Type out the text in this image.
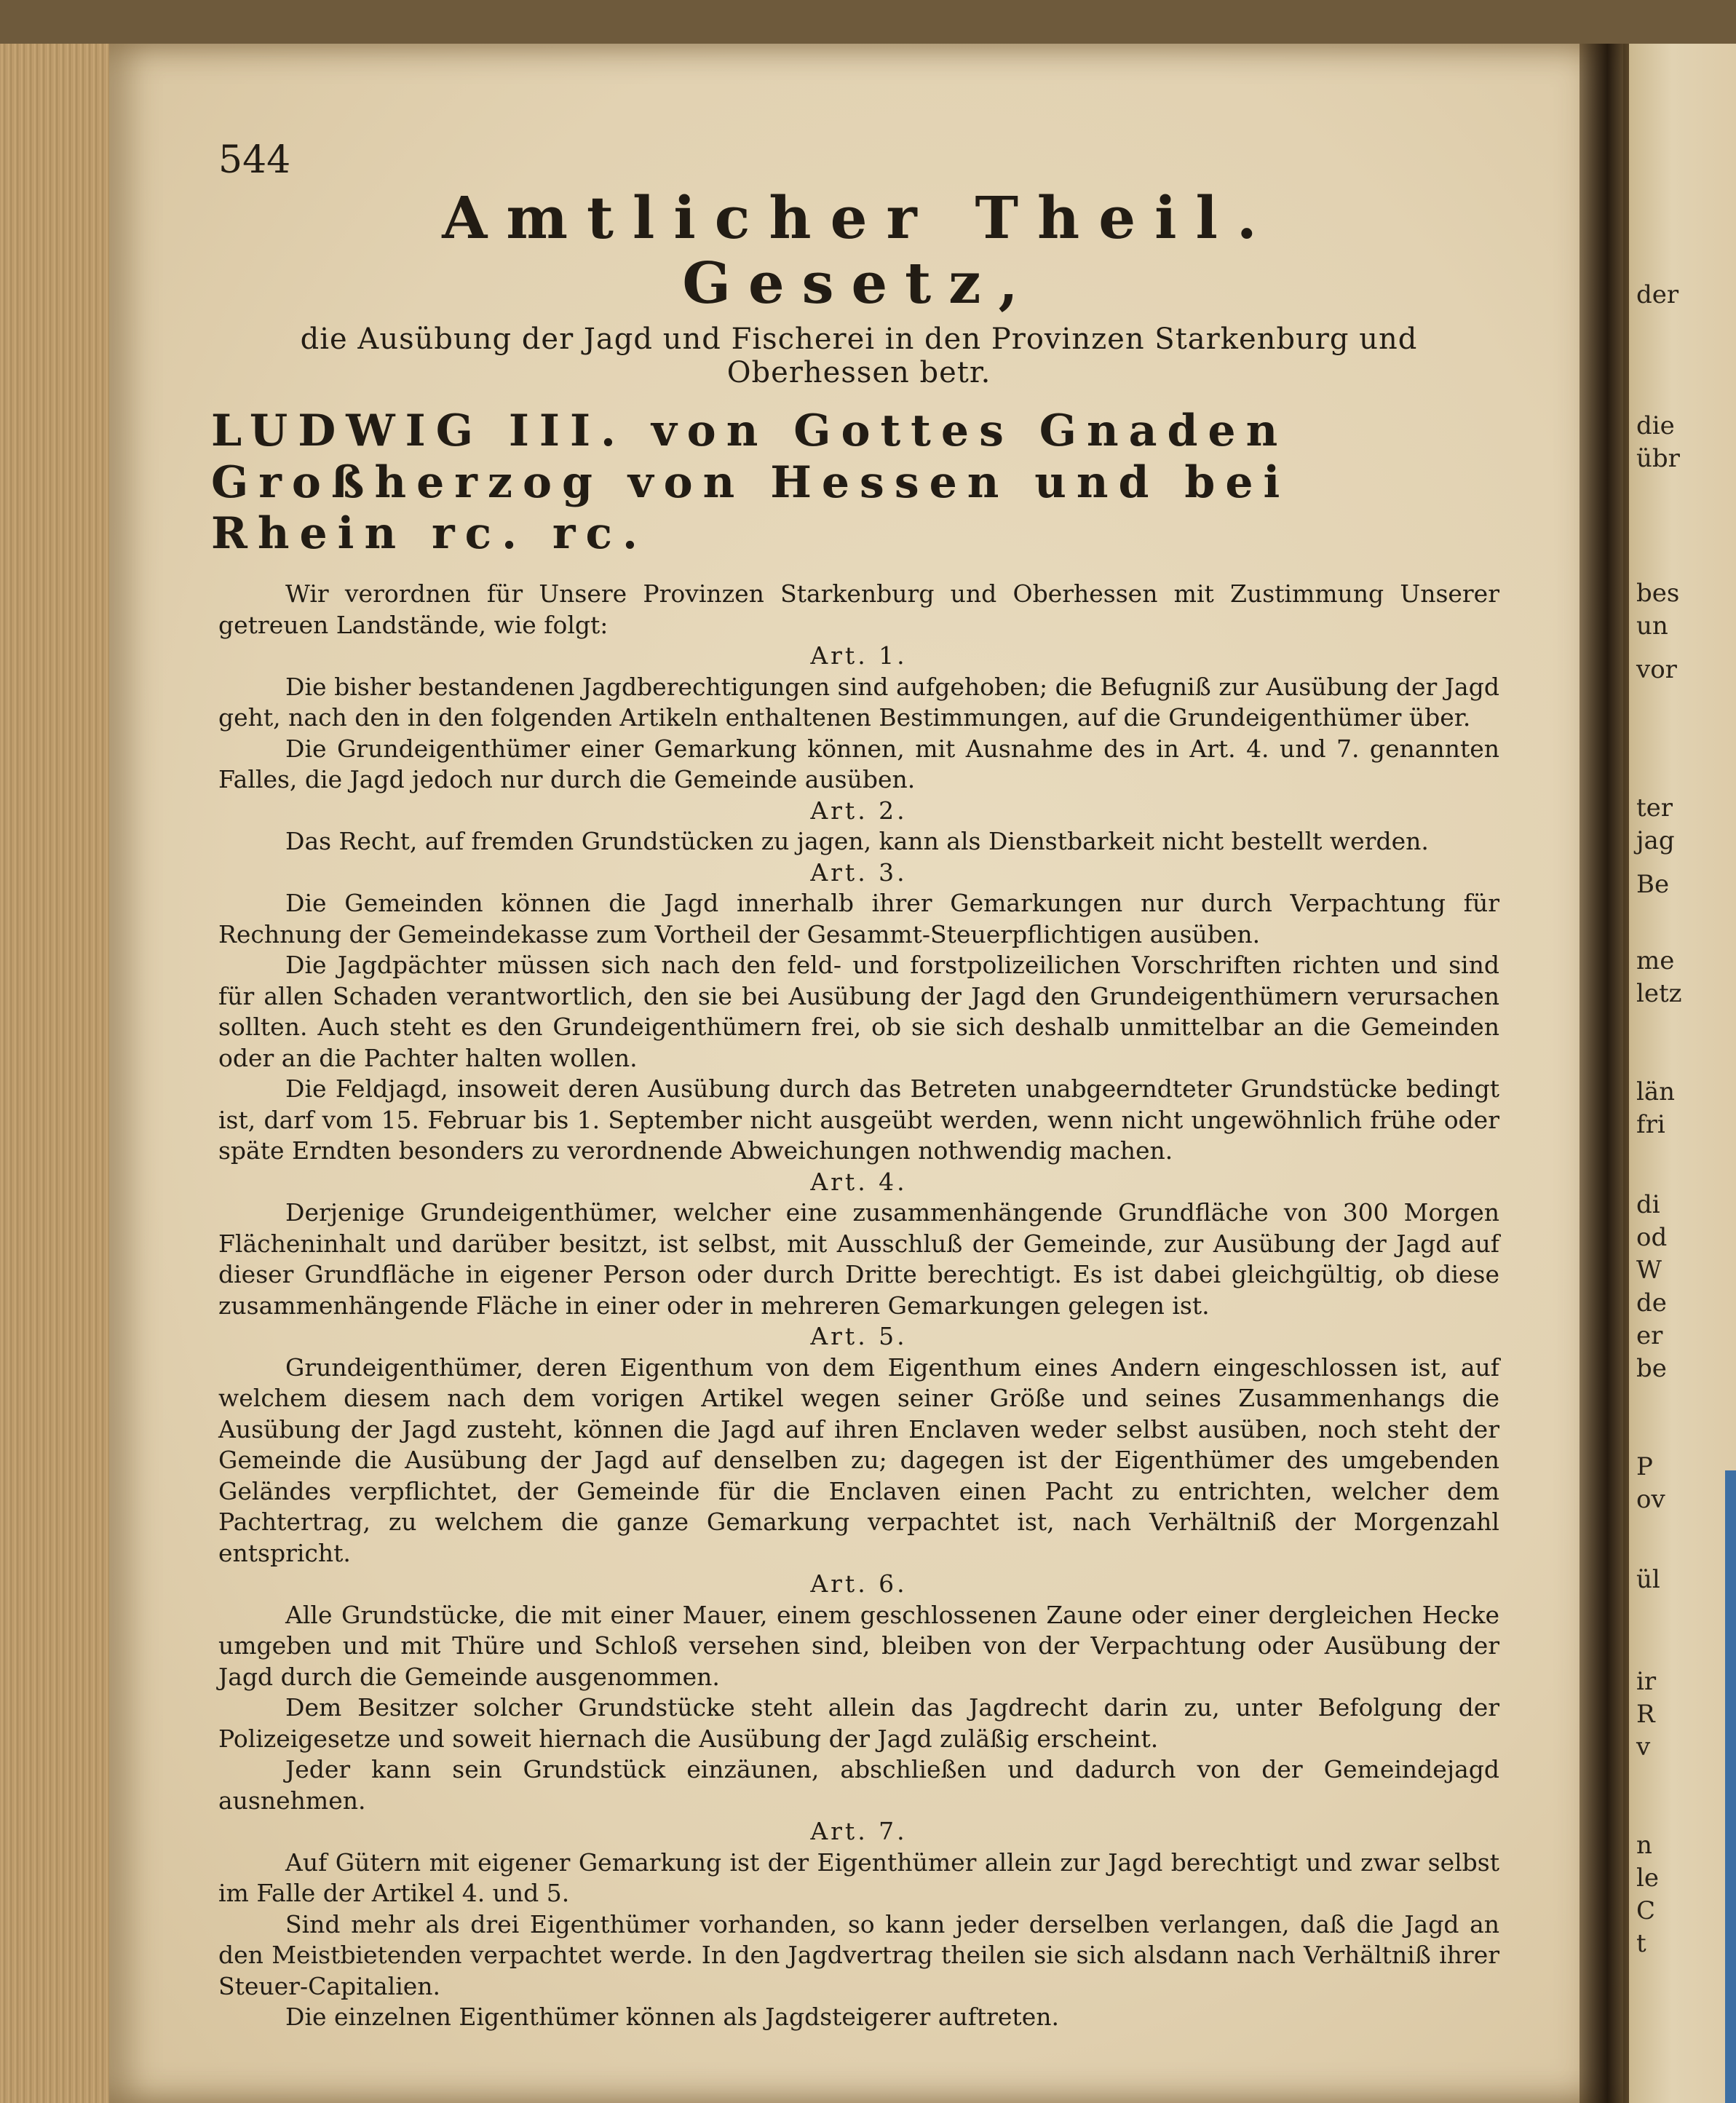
der
die
übr
bes
un
vor
ter
jag
Be
me
letz
län
fri
di
od
W
de
er
be
P
ov
ül
ir
R
v
n
le
C
t
544
Amtlicher Theil.
Gesetz,
die Ausübung der Jagd und Fischerei in den Provinzen Starkenburg und Oberhessen betr.
LUDWIG III. von Gottes Gnaden Großherzog von Hessen und bei Rhein rc. rc.

Wir verordnen für Unsere Provinzen Starkenburg und Oberhessen mit Zustimmung Unserer getreuen Landstände, wie folgt:

Art. 1.

Die bisher bestandenen Jagdberechtigungen sind aufgehoben; die Befugniß zur Ausübung der Jagd geht, nach den in den folgenden Artikeln enthaltenen Bestimmungen, auf die Grundeigenthümer über.

Die Grundeigenthümer einer Gemarkung können, mit Ausnahme des in Art. 4. und 7. genannten Falles, die Jagd jedoch nur durch die Gemeinde ausüben.

Art. 2.

Das Recht, auf fremden Grundstücken zu jagen, kann als Dienstbarkeit nicht bestellt werden.

Art. 3.

Die Gemeinden können die Jagd innerhalb ihrer Gemarkungen nur durch Verpachtung für Rechnung der Gemeindekasse zum Vortheil der Gesammt-Steuerpflichtigen ausüben.

Die Jagdpächter müssen sich nach den feld- und forstpolizeilichen Vorschriften richten und sind für allen Schaden verantwortlich, den sie bei Ausübung der Jagd den Grundeigenthümern verursachen sollten. Auch steht es den Grundeigenthümern frei, ob sie sich deshalb unmittelbar an die Gemeinden oder an die Pachter halten wollen.

Die Feldjagd, insoweit deren Ausübung durch das Betreten unabgeerndteter Grundstücke bedingt ist, darf vom 15. Februar bis 1. September nicht ausgeübt werden, wenn nicht ungewöhnlich frühe oder späte Erndten besonders zu verordnende Abweichungen nothwendig machen.

Art. 4.

Derjenige Grundeigenthümer, welcher eine zusammenhängende Grundfläche von 300 Morgen Flächeninhalt und darüber besitzt, ist selbst, mit Ausschluß der Gemeinde, zur Ausübung der Jagd auf dieser Grundfläche in eigener Person oder durch Dritte berechtigt. Es ist dabei gleichgültig, ob diese zusammenhängende Fläche in einer oder in mehreren Gemarkungen gelegen ist.

Art. 5.

Grundeigenthümer, deren Eigenthum von dem Eigenthum eines Andern eingeschlossen ist, auf welchem diesem nach dem vorigen Artikel wegen seiner Größe und seines Zusammenhangs die Ausübung der Jagd zusteht, können die Jagd auf ihren Enclaven weder selbst ausüben, noch steht der Gemeinde die Ausübung der Jagd auf denselben zu; dagegen ist der Eigenthümer des umgebenden Geländes verpflichtet, der Gemeinde für die Enclaven einen Pacht zu entrichten, welcher dem Pachtertrag, zu welchem die ganze Gemarkung verpachtet ist, nach Verhältniß der Morgenzahl entspricht.

Art. 6.

Alle Grundstücke, die mit einer Mauer, einem geschlossenen Zaune oder einer dergleichen Hecke umgeben und mit Thüre und Schloß versehen sind, bleiben von der Verpachtung oder Ausübung der Jagd durch die Gemeinde ausgenommen.

Dem Besitzer solcher Grundstücke steht allein das Jagdrecht darin zu, unter Befolgung der Polizeigesetze und soweit hiernach die Ausübung der Jagd zuläßig erscheint.

Jeder kann sein Grundstück einzäunen, abschließen und dadurch von der Gemeindejagd ausnehmen.

Art. 7.

Auf Gütern mit eigener Gemarkung ist der Eigenthümer allein zur Jagd berechtigt und zwar selbst im Falle der Artikel 4. und 5.

Sind mehr als drei Eigenthümer vorhanden, so kann jeder derselben verlangen, daß die Jagd an den Meistbietenden verpachtet werde. In den Jagdvertrag theilen sie sich alsdann nach Verhältniß ihrer Steuer-Capitalien.

Die einzelnen Eigenthümer können als Jagdsteigerer auftreten.
